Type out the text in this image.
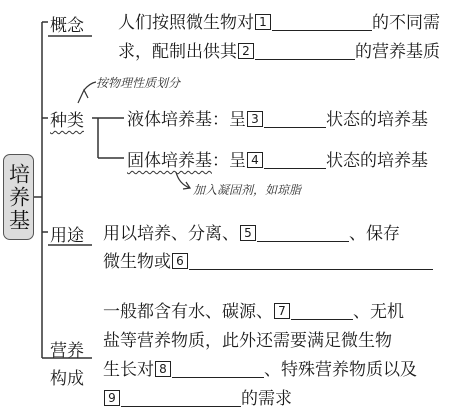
培养基
概念 人们按照微生物对 1	的不同需
求，配制出供其 2	的营养基质
按物理性质划分
种类	液体培养基：呈 3	状态的培养基
固体培养基：呈 4	状态的培养基
加入凝固剂，如琼脂
用途 用以培养、分离、 5	、保存
微生物或 6
营养
构成
一般都含有水、碳源、 7	、无机
盐等营养物质，此外还需要满足微生物
生长对 8	、特殊营养物质以及
9	的需求
